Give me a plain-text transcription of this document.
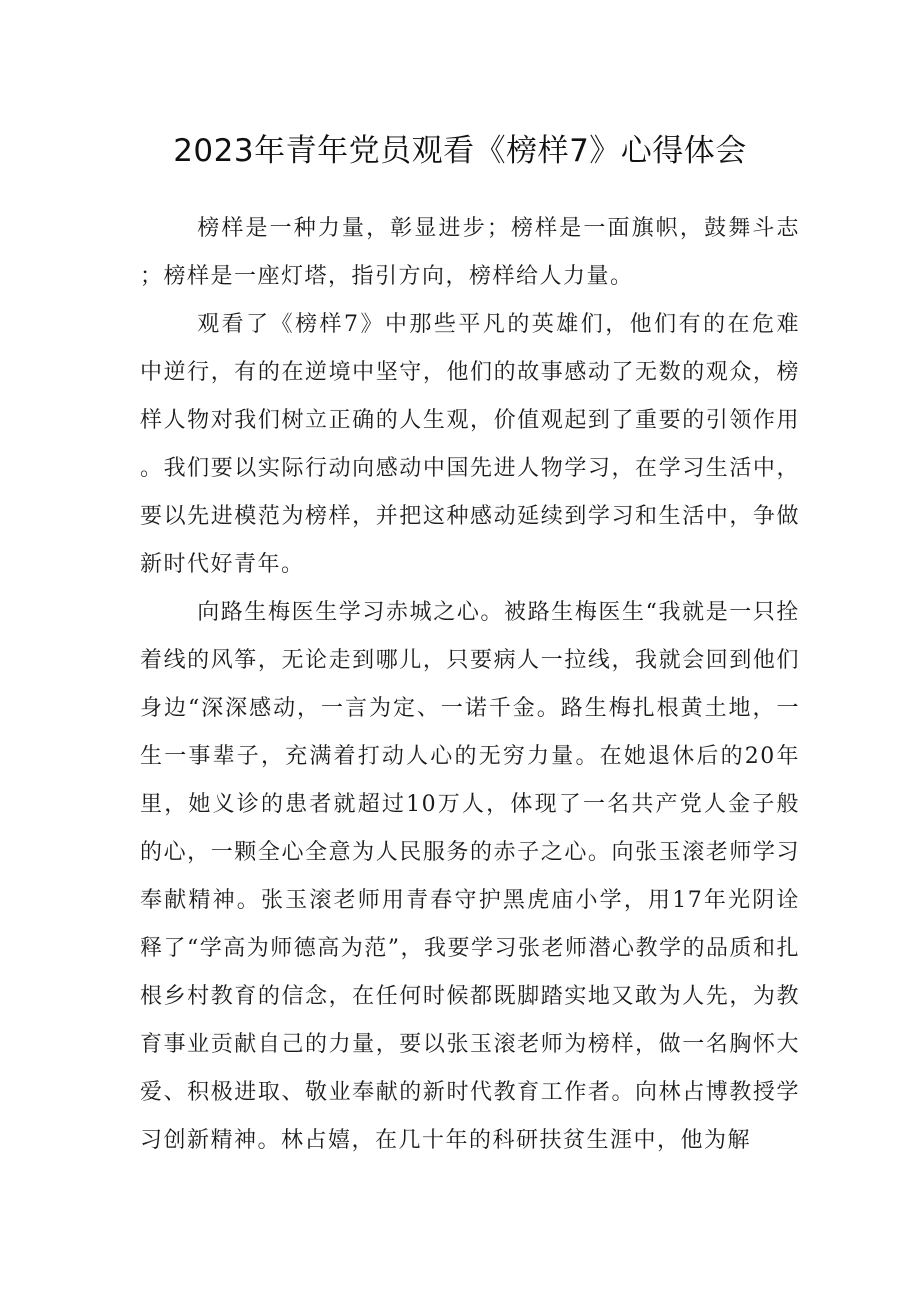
2023年青年党员观看《榜样7》心得体会

榜样是一种力量，彰显进步；榜样是一面旗帜，鼓舞斗志；榜样是一座灯塔，指引方向，榜样给人力量。

观看了《榜样7》中那些平凡的英雄们，他们有的在危难中逆行，有的在逆境中坚守，他们的故事感动了无数的观众，榜样人物对我们树立正确的人生观，价值观起到了重要的引领作用。我们要以实际行动向感动中国先进人物学习，在学习生活中，要以先进模范为榜样，并把这种感动延续到学习和生活中，争做新时代好青年。

向路生梅医生学习赤城之心。被路生梅医生“我就是一只拴着线的风筝，无论走到哪儿，只要病人一拉线，我就会回到他们身边“深深感动，一言为定、一诺千金。路生梅扎根黄土地，一生一事辈子，充满着打动人心的无穷力量。在她退休后的20年里，她义诊的患者就超过10万人，体现了一名共产党人金子般的心，一颗全心全意为人民服务的赤子之心。向张玉滚老师学习奉献精神。张玉滚老师用青春守护黑虎庙小学，用17年光阴诠释了“学高为师德高为范”，我要学习张老师潜心教学的品质和扎根乡村教育的信念，在任何时候都既脚踏实地又敢为人先，为教育事业贡献自己的力量，要以张玉滚老师为榜样，做一名胸怀大爱、积极进取、敬业奉献的新时代教育工作者。向林占博教授学习创新精神。林占嬉，在几十年的科研扶贫生涯中，他为解
